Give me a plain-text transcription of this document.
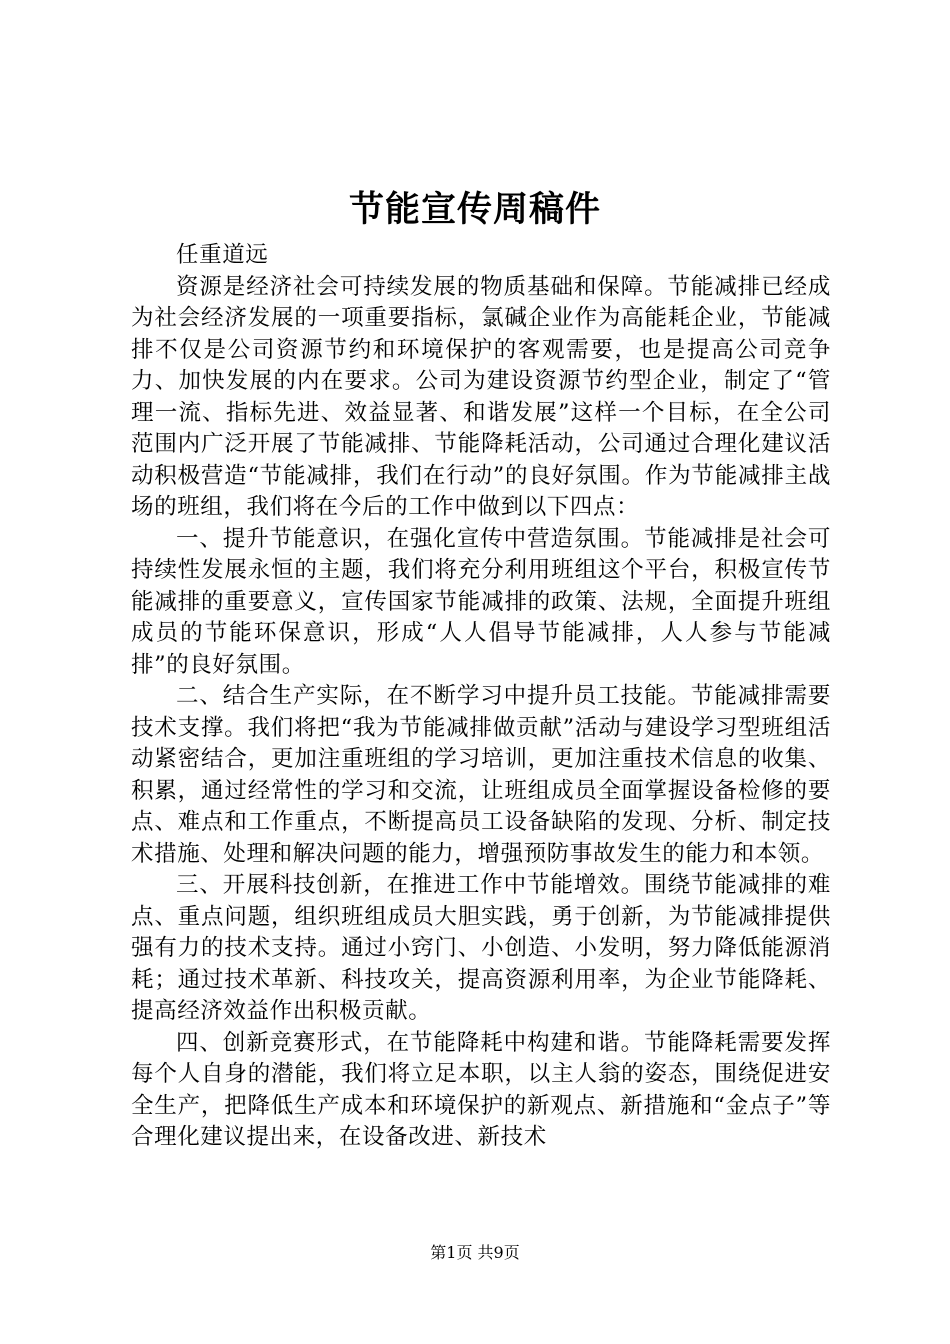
节能宣传周稿件

任重道远

资源是经济社会可持续发展的物质基础和保障。节能减排已经成为社会经济发展的一项重要指标，氯碱企业作为高能耗企业，节能减排不仅是公司资源节约和环境保护的客观需要，也是提高公司竞争力、加快发展的内在要求。公司为建设资源节约型企业，制定了“管理一流、指标先进、效益显著、和谐发展”这样一个目标，在全公司范围内广泛开展了节能减排、节能降耗活动，公司通过合理化建议活动积极营造“节能减排，我们在行动”的良好氛围。作为节能减排主战场的班组，我们将在今后的工作中做到以下四点：

一、提升节能意识，在强化宣传中营造氛围。节能减排是社会可持续性发展永恒的主题，我们将充分利用班组这个平台，积极宣传节能减排的重要意义，宣传国家节能减排的政策、法规，全面提升班组成员的节能环保意识，形成“人人倡导节能减排，人人参与节能减排”的良好氛围。

二、结合生产实际，在不断学习中提升员工技能。节能减排需要技术支撑。我们将把“我为节能减排做贡献”活动与建设学习型班组活动紧密结合，更加注重班组的学习培训，更加注重技术信息的收集、积累，通过经常性的学习和交流，让班组成员全面掌握设备检修的要点、难点和工作重点，不断提高员工设备缺陷的发现、分析、制定技术措施、处理和解决问题的能力，增强预防事故发生的能力和本领。

三、开展科技创新，在推进工作中节能增效。围绕节能减排的难点、重点问题，组织班组成员大胆实践，勇于创新，为节能减排提供强有力的技术支持。通过小窍门、小创造、小发明，努力降低能源消耗；通过技术革新、科技攻关，提高资源利用率，为企业节能降耗、提高经济效益作出积极贡献。

四、创新竞赛形式，在节能降耗中构建和谐。节能降耗需要发挥每个人自身的潜能，我们将立足本职，以主人翁的姿态，围绕促进安全生产，把降低生产成本和环境保护的新观点、新措施和“金点子”等合理化建议提出来，在设备改进、新技术

第1页 共9页
